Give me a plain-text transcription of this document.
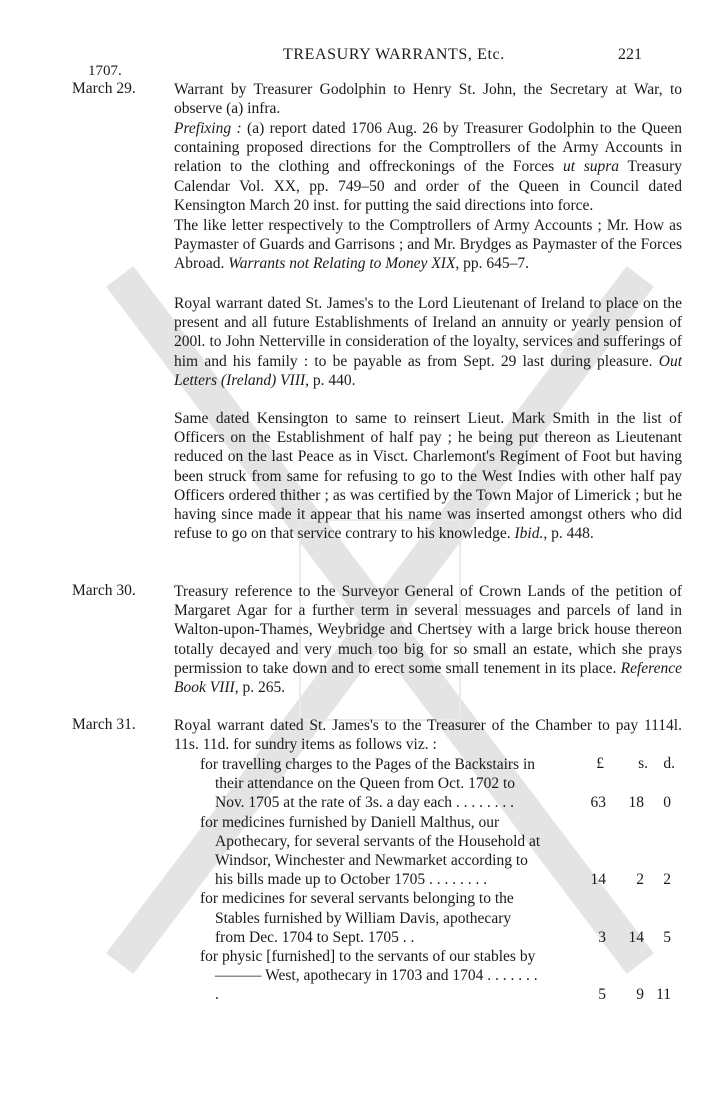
TREASURY WARRANTS, Etc.	221
1707.
March 29. Warrant by Treasurer Godolphin to Henry St. John, the Secretary at War, to observe (a) infra.

Prefixing : (a) report dated 1706 Aug. 26 by Treasurer Godolphin to the Queen containing proposed directions for the Comptrollers of the Army Accounts in relation to the clothing and offreckonings of the Forces ut supra Treasury Calendar Vol. XX, pp. 749–50 and order of the Queen in Council dated Kensington March 20 inst. for putting the said directions into force.

The like letter respectively to the Comptrollers of Army Accounts ; Mr. How as Paymaster of Guards and Garrisons ; and Mr. Brydges as Paymaster of the Forces Abroad. Warrants not Relating to Money XIX, pp. 645–7.

Royal warrant dated St. James's to the Lord Lieutenant of Ireland to place on the present and all future Establishments of Ireland an annuity or yearly pension of 200l. to John Netterville in consideration of the loyalty, services and sufferings of him and his family : to be payable as from Sept. 29 last during pleasure. Out Letters (Ireland) VIII, p. 440.

Same dated Kensington to same to reinsert Lieut. Mark Smith in the list of Officers on the Establishment of half pay ; he being put thereon as Lieutenant reduced on the last Peace as in Visct. Charlemont's Regiment of Foot but having been struck from same for refusing to go to the West Indies with other half pay Officers ordered thither ; as was certified by the Town Major of Limerick ; but he having since made it appear that his name was inserted amongst others who did refuse to go on that service contrary to his knowledge. Ibid., p. 448.

March 30. Treasury reference to the Surveyor General of Crown Lands of the petition of Margaret Agar for a further term in several messuages and parcels of land in Walton-upon-Thames, Weybridge and Chertsey with a large brick house thereon totally decayed and very much too big for so small an estate, which she prays permission to take down and to erect some small tenement in its place. Reference Book VIII, p. 265.

March 31. Royal warrant dated St. James's to the Treasurer of the Chamber to pay 1114l. 11s. 11d. for sundry items as follows viz. :

£ s. d.
for travelling charges to the Pages of the Backstairs in their attendance on the Queen from Oct. 1702 to Nov. 1705 at the rate of 3s. a day each . . . . . . . .	63 18 0
for medicines furnished by Daniell Malthus, our Apothecary, for several servants of the Household at Windsor, Winchester and Newmarket according to his bills made up to October 1705 . . . . . . . .	14 2 2
for medicines for several servants belonging to the Stables furnished by William Davis, apothecary from Dec. 1704 to Sept. 1705 . .	3 14 5
for physic [furnished] to the servants of our stables by ——— West, apothecary in 1703 and 1704 . . . . . . . .	5 9 11
